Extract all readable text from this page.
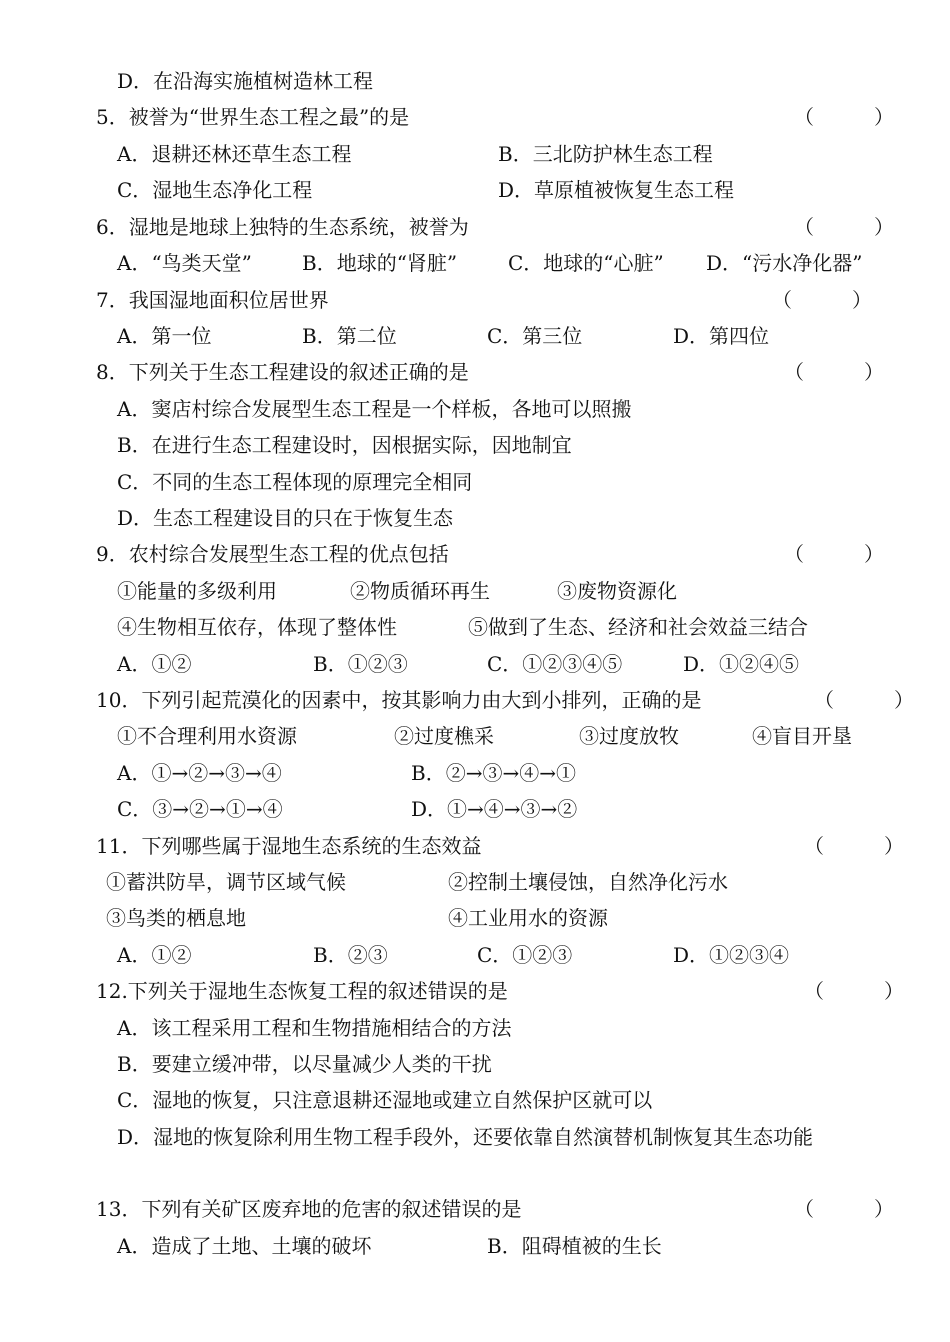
D．在沿海实施植树造林工程
5．被誉为“世界生态工程之最”的是	（　　　）
A．退耕还林还草生态工程	B．三北防护林生态工程
C．湿地生态净化工程	D．草原植被恢复生态工程
6．湿地是地球上独特的生态系统，被誉为	（　　　）
A．“鸟类天堂”	B．地球的“肾脏”	C．地球的“心脏” D．“污水净化器”
7．我国湿地面积位居世界	（　　　）
A．第一位	B．第二位	C．第三位	D．第四位
8．下列关于生态工程建设的叙述正确的是	（　　　）
A．窦店村综合发展型生态工程是一个样板，各地可以照搬
B．在进行生态工程建设时，因根据实际，因地制宜
C．不同的生态工程体现的原理完全相同
D．生态工程建设目的只在于恢复生态
9．农村综合发展型生态工程的优点包括	（　　　）
①能量的多级利用	②物质循环再生	③废物资源化
④生物相互依存，体现了整体性	⑤做到了生态、经济和社会效益三结合
A．①②	B．①②③	C．①②③④⑤	D．①②④⑤
10．下列引起荒漠化的因素中，按其影响力由大到小排列，正确的是	（　　　）
①不合理利用水资源	②过度樵采	③过度放牧	④盲目开垦
A．①→②→③→④	B．②→③→④→①
C．③→②→①→④	D．①→④→③→②
11．下列哪些属于湿地生态系统的生态效益	（　　　）
①蓄洪防旱，调节区域气候	②控制土壤侵蚀，自然净化污水
③鸟类的栖息地	④工业用水的资源
A．①②	B．②③	C．①②③	D．①②③④
12.下列关于湿地生态恢复工程的叙述错误的是	（　　　）
A．该工程采用工程和生物措施相结合的方法
B．要建立缓冲带，以尽量减少人类的干扰
C．湿地的恢复，只注意退耕还湿地或建立自然保护区就可以
D．湿地的恢复除利用生物工程手段外，还要依靠自然演替机制恢复其生态功能
13．下列有关矿区废弃地的危害的叙述错误的是	（　　　）
A．造成了土地、土壤的破坏	B．阻碍植被的生长
